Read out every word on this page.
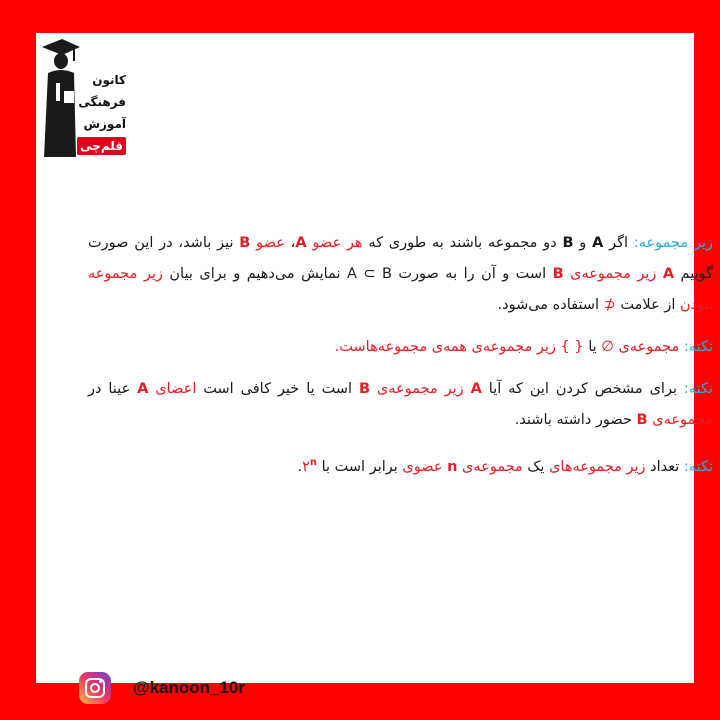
کانون
فرهنگی
آموزش
قلم‌چی

زیر مجموعه: اگر A و B دو مجموعه باشند به طوری که هر عضو A، عضو B نیز باشد، در این صورت گوییم A زیر مجموعه‌ی B است و آن را به صورت A ⊂ B نمایش می‌دهیم و برای بیان زیر مجموعه نبودن از علامت ⊄ استفاده می‌شود.

نکته: مجموعه‌ی ∅ یا { } زیر مجموعه‌ی همه‌ی مجموعه‌هاست.

نکته: برای مشخص کردن این که آیا A زیر مجموعه‌ی B است یا خیر کافی است اعضای A عینا در مجموعه‌ی B حضور داشته باشند.

نکته: تعداد زیر مجموعه‌های یک مجموعه‌ی n عضوی برابر است با ۲$^n$.

@kanoon_10r
